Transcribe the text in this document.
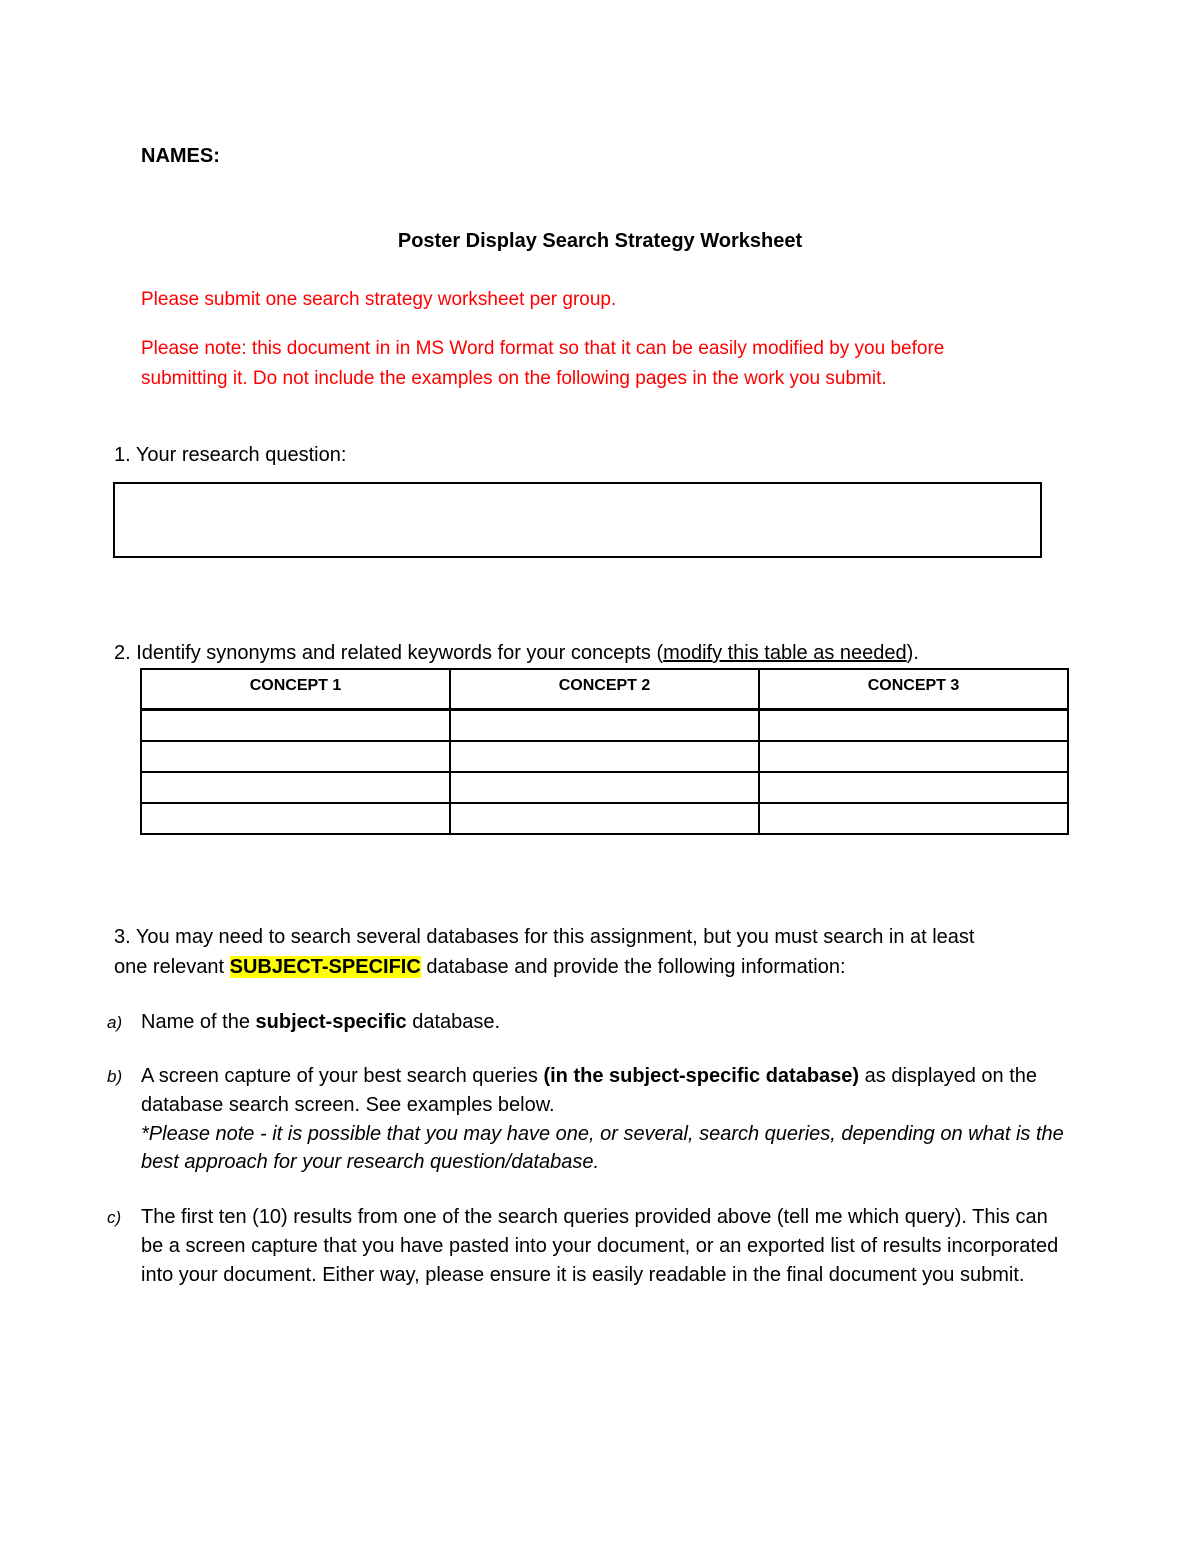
NAMES:
Poster Display Search Strategy Worksheet
Please submit one search strategy worksheet per group.
Please note: this document in in MS Word format so that it can be easily modified by you before
submitting it. Do not include the examples on the following pages in the work you submit.
1. Your research question:
2. Identify synonyms and related keywords for your concepts (modify this table as needed).
CONCEPT 1	CONCEPT 2	CONCEPT 3

3. You may need to search several databases for this assignment, but you must search in at least
one relevant SUBJECT-SPECIFIC database and provide the following information:
a) Name of the subject-specific database.
b) A screen capture of your best search queries (in the subject-specific database) as displayed on the database search screen. See examples below.
*Please note - it is possible that you may have one, or several, search queries, depending on what is the best approach for your research question/database.
c) The first ten (10) results from one of the search queries provided above (tell me which query). This can be a screen capture that you have pasted into your document, or an exported list of results incorporated into your document. Either way, please ensure it is easily readable in the final document you submit.
